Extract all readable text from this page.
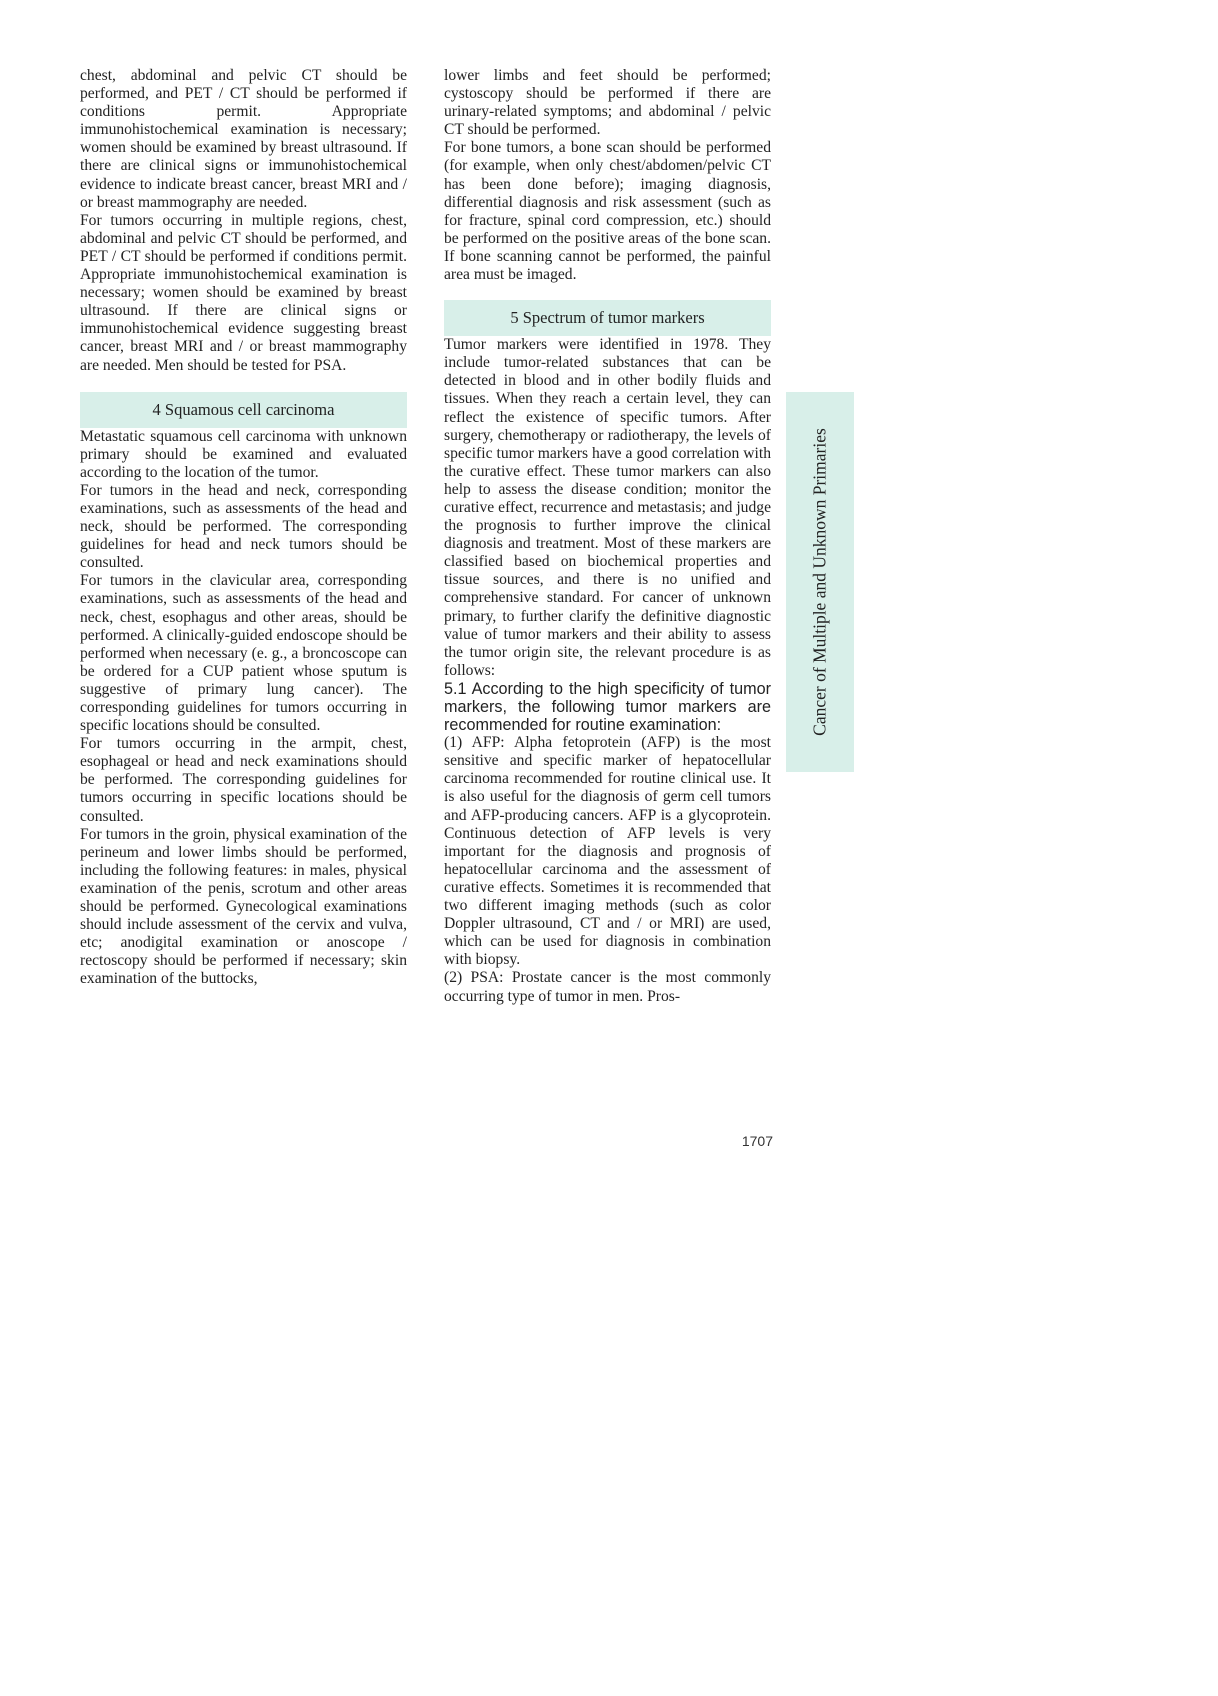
chest, abdominal and pelvic CT should be performed, and PET / CT should be performed if conditions permit. Appropriate immunohistochemical examination is necessary; women should be examined by breast ultrasound. If there are clinical signs or immunohistochemical evidence to indicate breast cancer, breast MRI and / or breast mammography are needed.

For tumors occurring in multiple regions, chest, abdominal and pelvic CT should be performed, and PET / CT should be performed if conditions permit. Appropriate immunohistochemical examination is necessary; women should be examined by breast ultrasound. If there are clinical signs or immunohistochemical evidence suggesting breast cancer, breast MRI and / or breast mammography are needed. Men should be tested for PSA.

4 Squamous cell carcinoma

Metastatic squamous cell carcinoma with unknown primary should be examined and evaluated according to the location of the tumor.

For tumors in the head and neck, corresponding examinations, such as assessments of the head and neck, should be performed. The corresponding guidelines for head and neck tumors should be consulted.

For tumors in the clavicular area, corresponding examinations, such as assessments of the head and neck, chest, esophagus and other areas, should be performed. A clinically-guided endoscope should be performed when necessary (e. g., a broncoscope can be ordered for a CUP patient whose sputum is suggestive of primary lung cancer). The corresponding guidelines for tumors occurring in specific locations should be consulted.

For tumors occurring in the armpit, chest, esophageal or head and neck examinations should be performed. The corresponding guidelines for tumors occurring in specific locations should be consulted.

For tumors in the groin, physical examination of the perineum and lower limbs should be performed, including the following features: in males, physical examination of the penis, scrotum and other areas should be performed. Gynecological examinations should include assessment of the cervix and vulva, etc; anodigital examination or anoscope / rectoscopy should be performed if necessary; skin examination of the buttocks,

lower limbs and feet should be performed; cystoscopy should be performed if there are urinary-related symptoms; and abdominal / pelvic CT should be performed.

For bone tumors, a bone scan should be performed (for example, when only chest/abdomen/pelvic CT has been done before); imaging diagnosis, differential diagnosis and risk assessment (such as for fracture, spinal cord compression, etc.) should be performed on the positive areas of the bone scan. If bone scanning cannot be performed, the painful area must be imaged.

5 Spectrum of tumor markers

Tumor markers were identified in 1978. They include tumor-related substances that can be detected in blood and in other bodily fluids and tissues. When they reach a certain level, they can reflect the existence of specific tumors. After surgery, chemotherapy or radiotherapy, the levels of specific tumor markers have a good correlation with the curative effect. These tumor markers can also help to assess the disease condition; monitor the curative effect, recurrence and metastasis; and judge the prognosis to further improve the clinical diagnosis and treatment. Most of these markers are classified based on biochemical properties and tissue sources, and there is no unified and comprehensive standard. For cancer of unknown primary, to further clarify the definitive diagnostic value of tumor markers and their ability to assess the tumor origin site, the relevant procedure is as follows:

5.1 According to the high specificity of tumor markers, the following tumor markers are recommended for routine examination:

(1) AFP: Alpha fetoprotein (AFP) is the most sensitive and specific marker of hepatocellular carcinoma recommended for routine clinical use. It is also useful for the diagnosis of germ cell tumors and AFP-producing cancers. AFP is a glycoprotein. Continuous detection of AFP levels is very important for the diagnosis and prognosis of hepatocellular carcinoma and the assessment of curative effects. Sometimes it is recommended that two different imaging methods (such as color Doppler ultrasound, CT and / or MRI) are used, which can be used for diagnosis in combination with biopsy.

(2) PSA: Prostate cancer is the most commonly occurring type of tumor in men. Pros-

Cancer of Multiple and Unknown Primaries
1707
